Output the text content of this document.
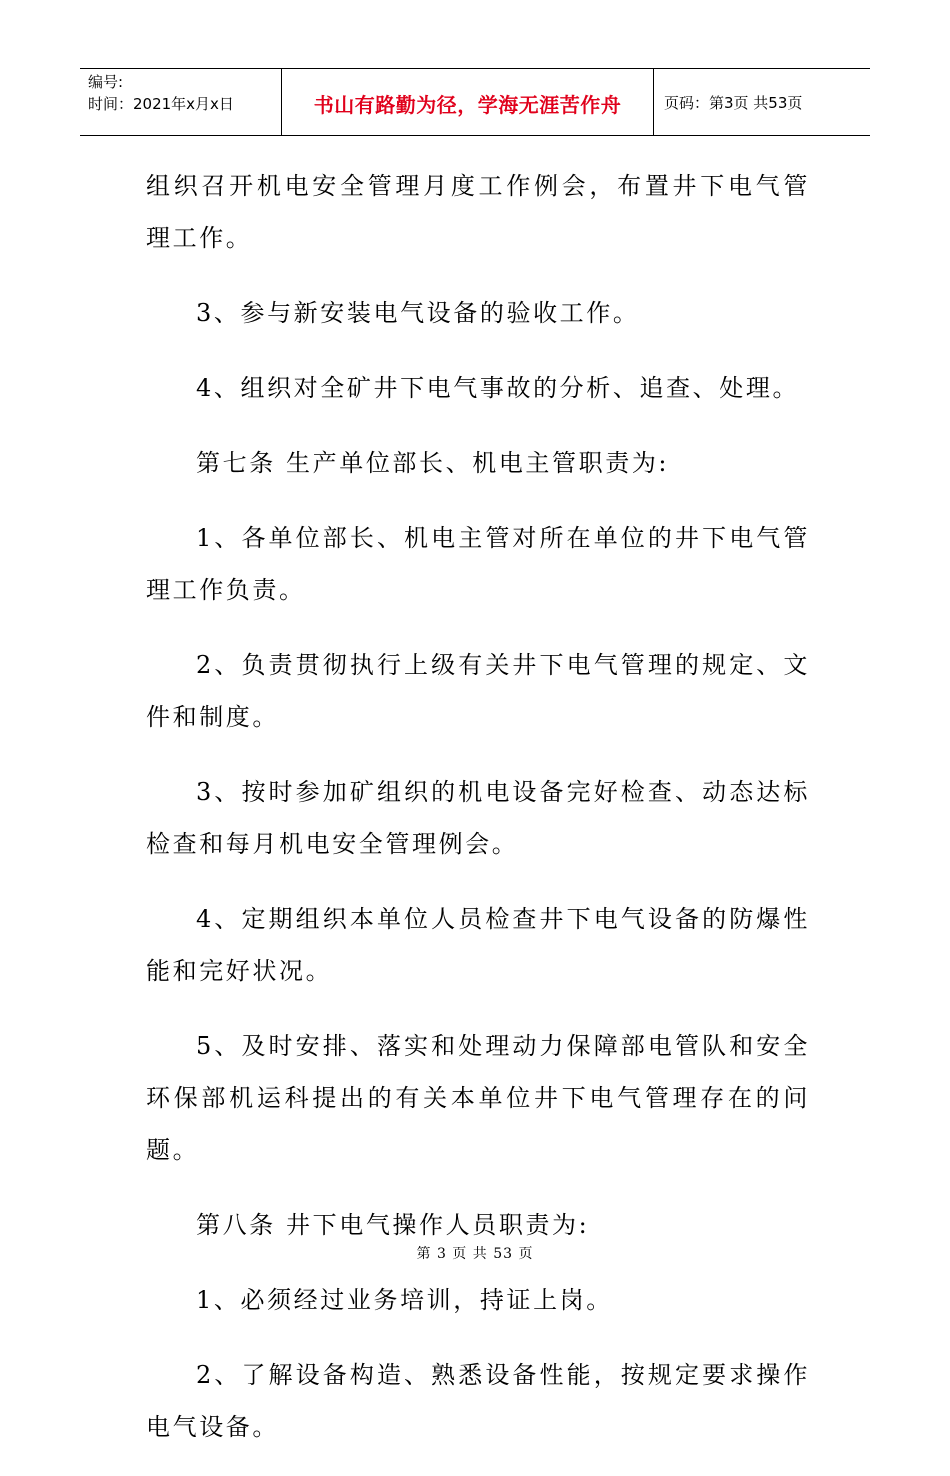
编号:
时间：2021年x月x日	书山有路勤为径，学海无涯苦作舟	页码：第3页 共53页

组织召开机电安全管理月度工作例会，布置井下电气管理工作。

3、参与新安装电气设备的验收工作。

4、组织对全矿井下电气事故的分析、追查、处理。

第七条 生产单位部长、机电主管职责为:

1、各单位部长、机电主管对所在单位的井下电气管理工作负责。

2、负责贯彻执行上级有关井下电气管理的规定、文件和制度。

3、按时参加矿组织的机电设备完好检查、动态达标检查和每月机电安全管理例会。

4、定期组织本单位人员检查井下电气设备的防爆性能和完好状况。

5、及时安排、落实和处理动力保障部电管队和安全环保部机运科提出的有关本单位井下电气管理存在的问题。

第八条 井下电气操作人员职责为:

1、必须经过业务培训，持证上岗。

2、了解设备构造、熟悉设备性能，按规定要求操作电气设备。

第 3 页 共 53 页
